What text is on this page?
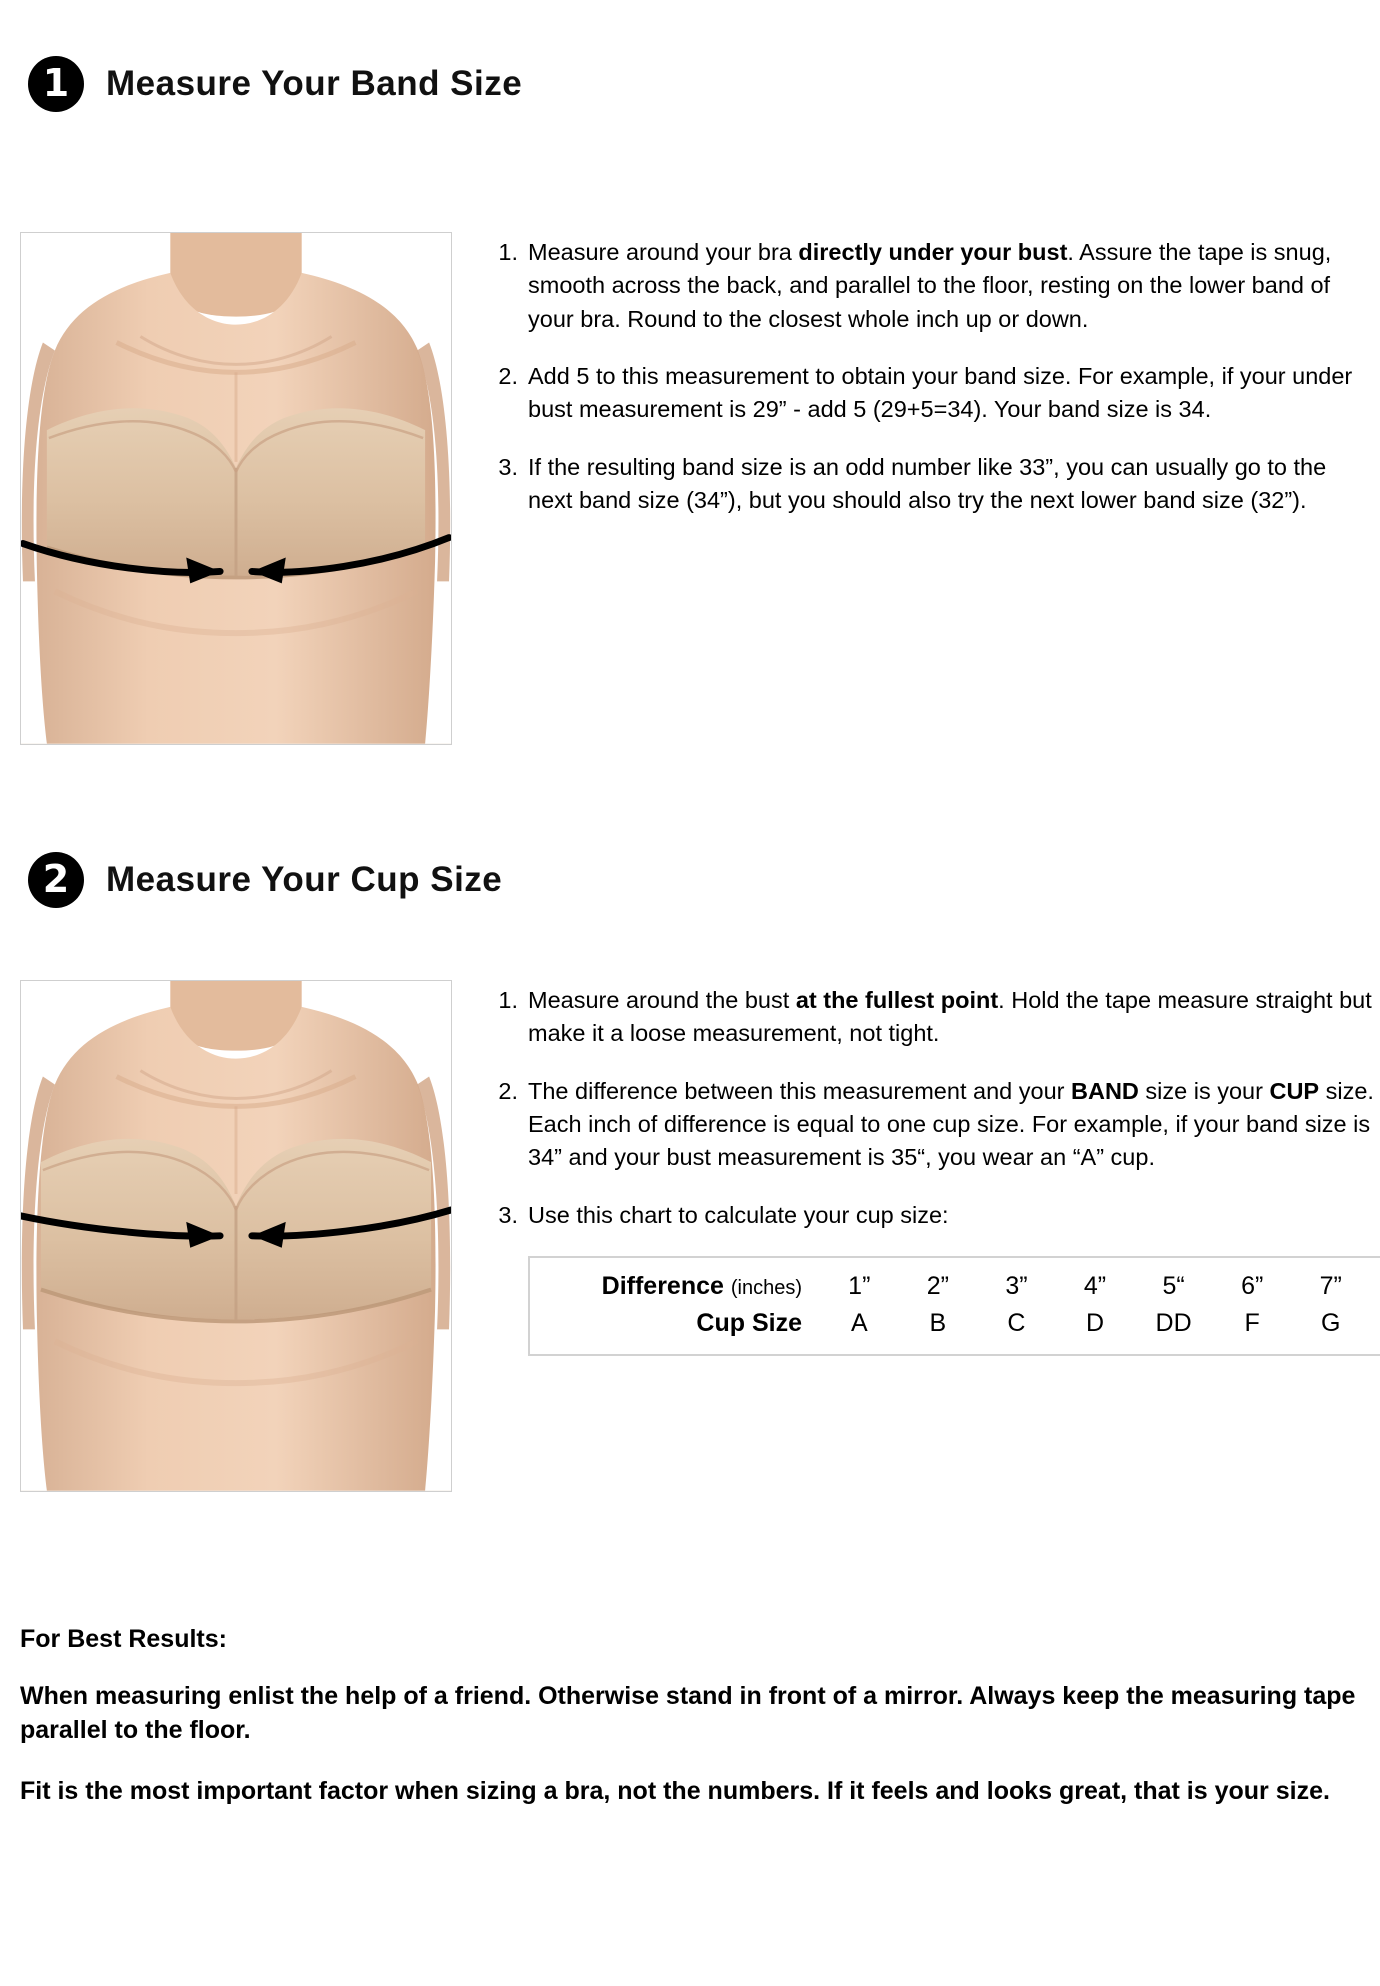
1	Measure Your Band Size
1. Measure around your bra directly under your bust. Assure the tape is snug, smooth across the back, and parallel to the floor, resting on the lower band of your bra. Round to the closest whole inch up or down.
2. Add 5 to this measurement to obtain your band size. For example, if your under bust measurement is 29” - add 5 (29+5=34). Your band size is 34.
3. If the resulting band size is an odd number like 33”, you can usually go to the next band size (34”), but you should also try the next lower band size (32”).
2	Measure Your Cup Size
1. Measure around the bust at the fullest point. Hold the tape measure straight but make it a loose measurement, not tight.
2. The difference between this measurement and your BAND size is your CUP size. Each inch of difference is equal to one cup size. For example, if your band size is 34” and your bust measurement is 35“, you wear an “A” cup.
3. Use this chart to calculate your cup size:
Difference (inches)	1”	2”	3”	4”	5“	6”	7”
Cup Size	A	B	C	D	DD	F	G
For Best Results:

When measuring enlist the help of a friend. Otherwise stand in front of a mirror. Always keep the measuring tape parallel to the floor.

Fit is the most important factor when sizing a bra, not the numbers. If it feels and looks great, that is your size.
